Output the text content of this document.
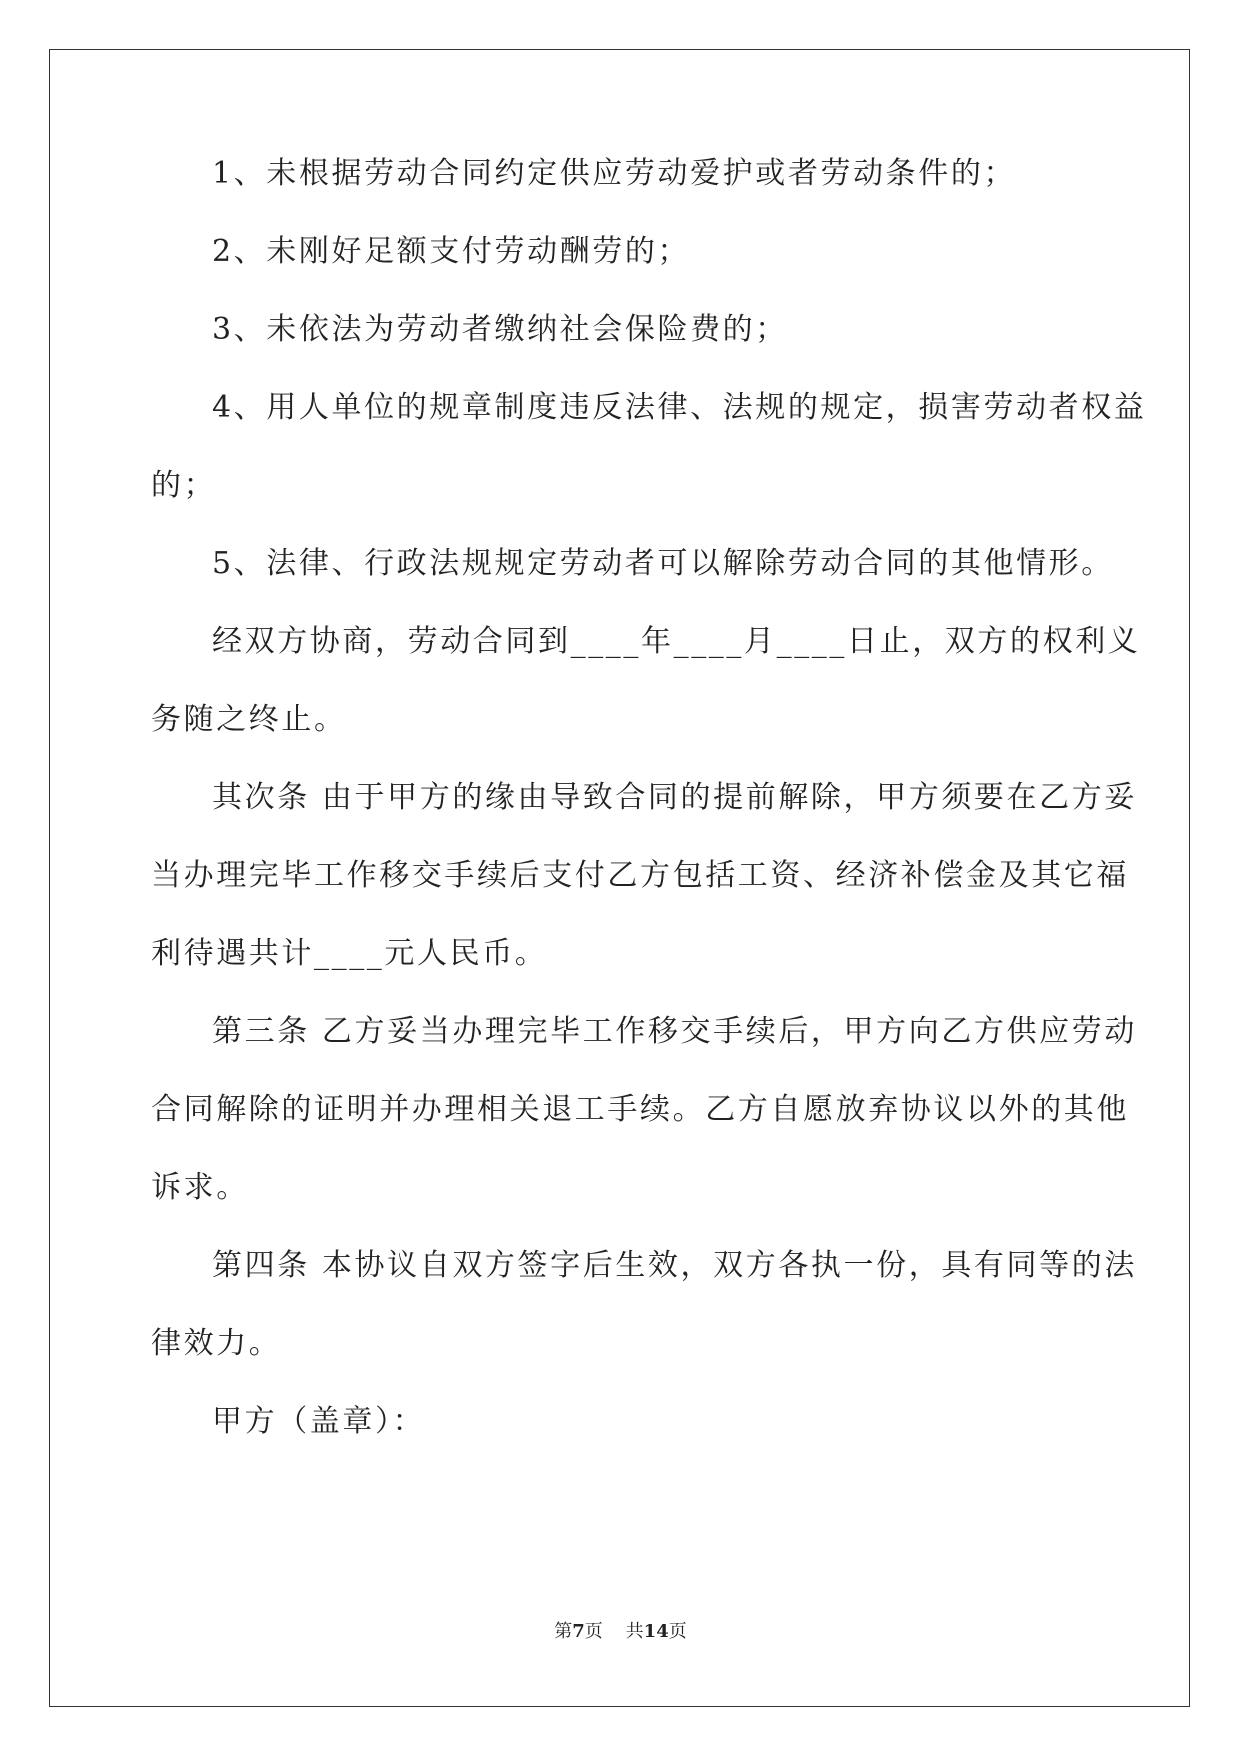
1、未根据劳动合同约定供应劳动爱护或者劳动条件的；
2、未刚好足额支付劳动酬劳的；
3、未依法为劳动者缴纳社会保险费的；
4、用人单位的规章制度违反法律、法规的规定，损害劳动者权益
的；
5、法律、行政法规规定劳动者可以解除劳动合同的其他情形。
经双方协商，劳动合同到____年____月____日止，双方的权利义
务随之终止。
其次条 由于甲方的缘由导致合同的提前解除，甲方须要在乙方妥
当办理完毕工作移交手续后支付乙方包括工资、经济补偿金及其它福
利待遇共计____元人民币。
第三条 乙方妥当办理完毕工作移交手续后，甲方向乙方供应劳动
合同解除的证明并办理相关退工手续。乙方自愿放弃协议以外的其他
诉求。
第四条 本协议自双方签字后生效，双方各执一份，具有同等的法
律效力。
甲方（盖章）：
第7页 共14页
